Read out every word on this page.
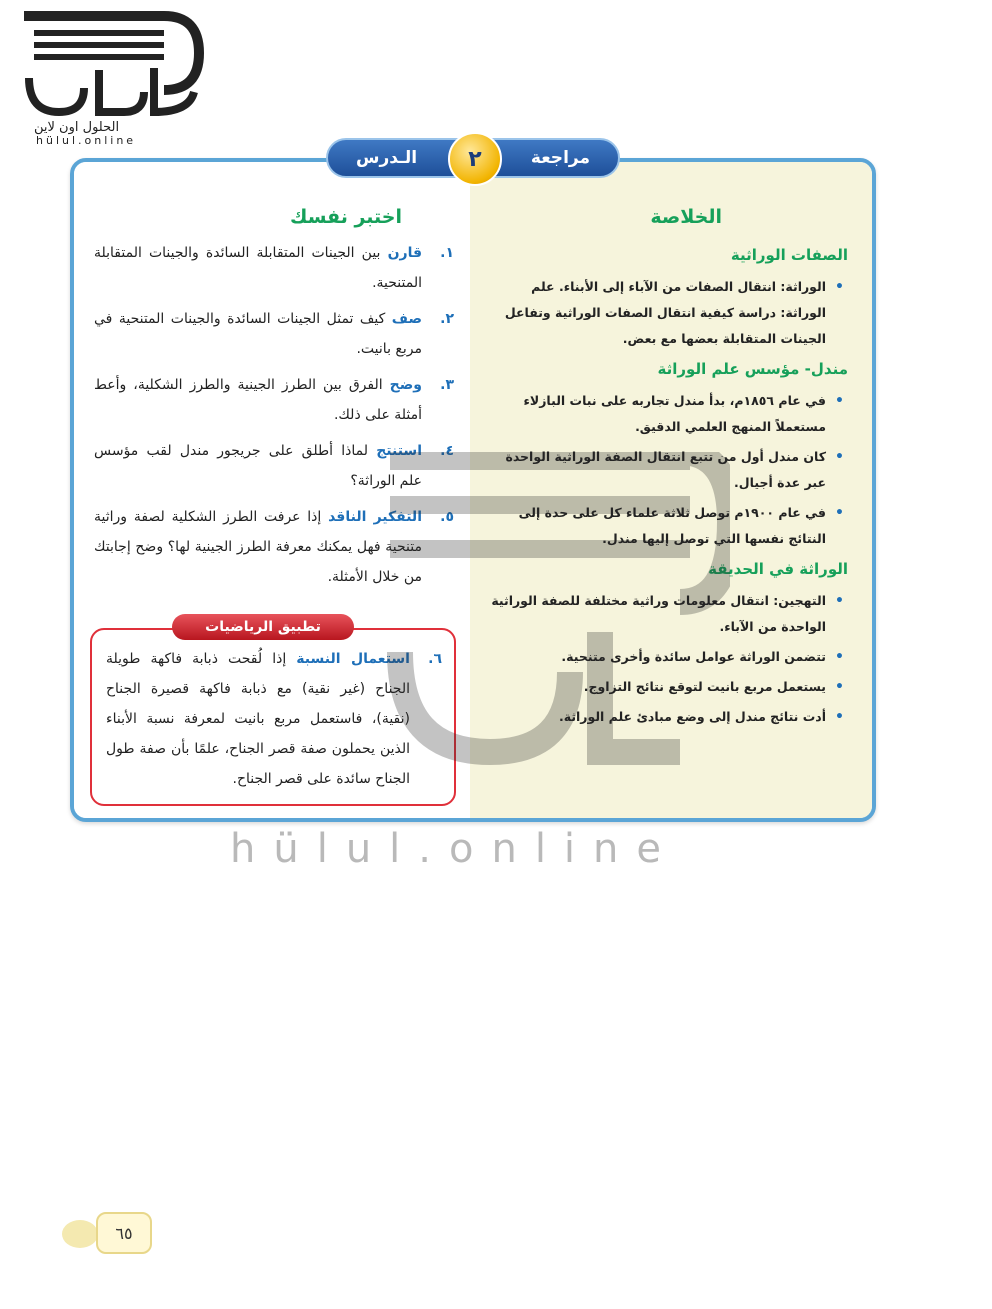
الحلول اون لاين
hülul.online
مراجعة
الـدرس	٢
الخلاصة
الصفات الوراثية
• الوراثة: انتقال الصفات من الآباء إلى الأبناء. علم الوراثة: دراسة كيفية انتقال الصفات الوراثية وتفاعل الجينات المتقابلة بعضها مع بعض.
مندل- مؤسس علم الوراثة
• في عام ١٨٥٦م، بدأ مندل تجاربه على نبات البازلاء مستعملاً المنهج العلمي الدقيق.
• كان مندل أول من تتبع انتقال الصفة الوراثية الواحدة عبر عدة أجيال.
• في عام ١٩٠٠م توصل ثلاثة علماء كل على حدة إلى النتائج نفسها التي توصل إليها مندل.
الوراثة في الحديقة
• التهجين: انتقال معلومات وراثية مختلفة للصفة الوراثية الواحدة من الآباء.
• تتضمن الوراثة عوامل سائدة وأخرى متنحية.
• يستعمل مربع بانيت لتوقع نتائج التزاوج.
• أدت نتائج مندل إلى وضع مبادئ علم الوراثة.
اختبر نفسك
١.
قارن بين الجينات المتقابلة السائدة والجينات المتقابلة المتنحية.
٢.
صف كيف تمثل الجينات السائدة والجينات المتنحية في مربع بانيت.
٣.
وضح الفرق بين الطرز الجينية والطرز الشكلية، وأعط أمثلة على ذلك.
٤.
استنتج لماذا أطلق على جريجور مندل لقب مؤسس علم الوراثة؟
٥.
التفكير الناقد إذا عرفت الطرز الشكلية لصفة وراثية متنحية فهل يمكنك معرفة الطرز الجينية لها؟ وضح إجابتك من خلال الأمثلة.
تطبيق الرياضيات
٦.
استعمال النسبة إذا لُقحت ذبابة فاكهة طويلة الجناح (غير نقية) مع ذبابة فاكهة قصيرة الجناح (نقية)، فاستعمل مربع بانيت لمعرفة نسبة الأبناء الذين يحملون صفة قصر الجناح، علمًا بأن صفة طول الجناح سائدة على قصر الجناح.
hülul.online
٦٥
